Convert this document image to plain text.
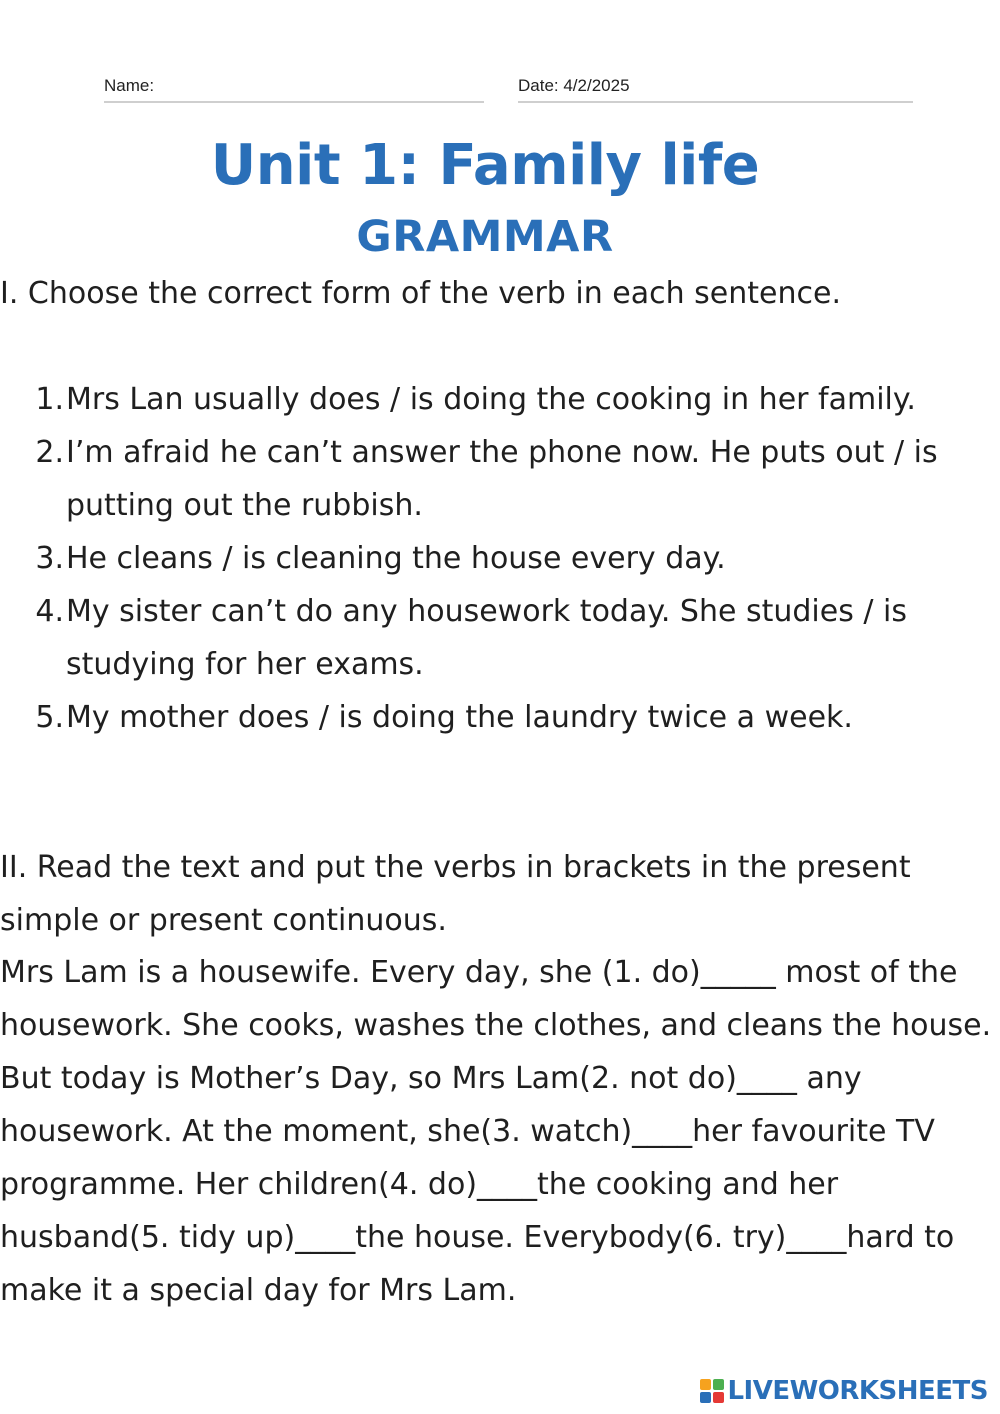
Name:	Date: 4/2/2025
Unit 1: Family life
GRAMMAR

I. Choose the correct form of the verb in each sentence.

1. Mrs Lan usually does / is doing the cooking in her family.
2. I’m afraid he can’t answer the phone now. He puts out / is putting out the rubbish.
3. He cleans / is cleaning the house every day.
4. My sister can’t do any housework today. She studies / is studying for her exams.
5. My mother does / is doing the laundry twice a week.

II. Read the text and put the verbs in brackets in the present simple or present continuous.

Mrs Lam is a housewife. Every day, she (1. do)_____ most of the housework. She cooks, washes the clothes, and cleans the house. But today is Mother’s Day, so Mrs Lam(2. not do)____ any housework. At the moment, she(3. watch)____her favourite TV programme. Her children(4. do)____the cooking and her husband(5. tidy up)____the house. Everybody(6. try)____hard to make it a special day for Mrs Lam.

LIVEWORKSHEETS
